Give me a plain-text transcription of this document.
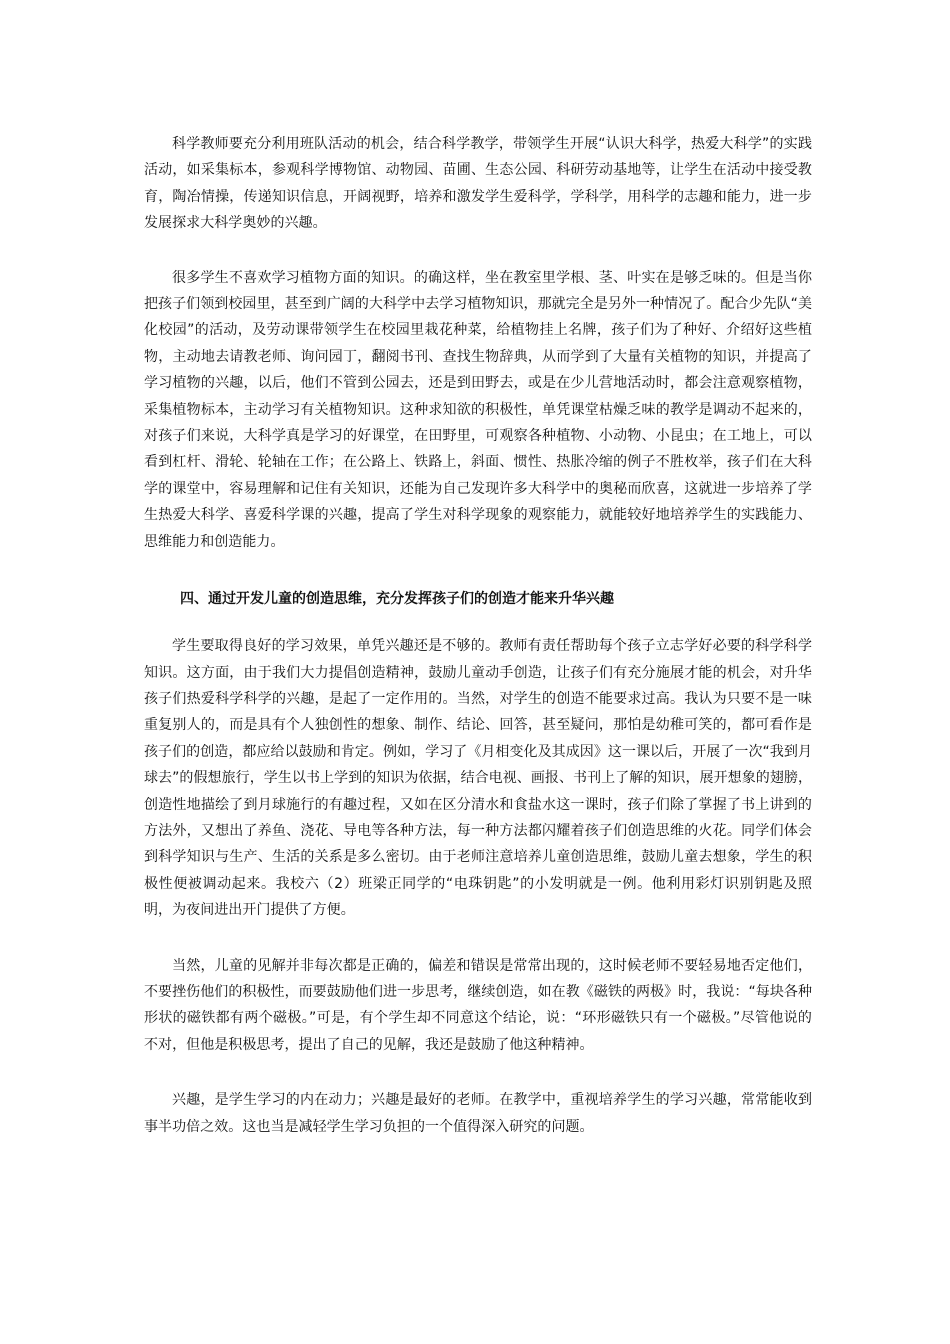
科学教师要充分利用班队活动的机会，结合科学教学，带领学生开展“认识大科学，热爱大科学”的实践活动，如采集标本，参观科学博物馆、动物园、苗圃、生态公园、科研劳动基地等，让学生在活动中接受教育，陶冶情操，传递知识信息，开阔视野，培养和激发学生爱科学，学科学，用科学的志趣和能力，进一步发展探求大科学奥妙的兴趣。

很多学生不喜欢学习植物方面的知识。的确这样，坐在教室里学根、茎、叶实在是够乏味的。但是当你把孩子们领到校园里，甚至到广阔的大科学中去学习植物知识，那就完全是另外一种情况了。配合少先队“美化校园”的活动，及劳动课带领学生在校园里栽花种菜，给植物挂上名牌，孩子们为了种好、介绍好这些植物，主动地去请教老师、询问园丁，翻阅书刊、查找生物辞典，从而学到了大量有关植物的知识，并提高了学习植物的兴趣，以后，他们不管到公园去，还是到田野去，或是在少儿营地活动时，都会注意观察植物，采集植物标本，主动学习有关植物知识。这种求知欲的积极性，单凭课堂枯燥乏味的教学是调动不起来的，对孩子们来说，大科学真是学习的好课堂，在田野里，可观察各种植物、小动物、小昆虫；在工地上，可以看到杠杆、滑轮、轮轴在工作；在公路上、铁路上，斜面、惯性、热胀冷缩的例子不胜枚举，孩子们在大科学的课堂中，容易理解和记住有关知识，还能为自己发现许多大科学中的奥秘而欣喜，这就进一步培养了学生热爱大科学、喜爱科学课的兴趣，提高了学生对科学现象的观察能力，就能较好地培养学生的实践能力、思维能力和创造能力。

四、通过开发儿童的创造思维，充分发挥孩子们的创造才能来升华兴趣

学生要取得良好的学习效果，单凭兴趣还是不够的。教师有责任帮助每个孩子立志学好必要的科学科学知识。这方面，由于我们大力提倡创造精神，鼓励儿童动手创造，让孩子们有充分施展才能的机会，对升华孩子们热爱科学科学的兴趣，是起了一定作用的。当然，对学生的创造不能要求过高。我认为只要不是一味重复别人的，而是具有个人独创性的想象、制作、结论、回答，甚至疑问，那怕是幼稚可笑的，都可看作是孩子们的创造，都应给以鼓励和肯定。例如，学习了《月相变化及其成因》这一课以后，开展了一次“我到月球去”的假想旅行，学生以书上学到的知识为依据，结合电视、画报、书刊上了解的知识，展开想象的翅膀，创造性地描绘了到月球施行的有趣过程，又如在区分清水和食盐水这一课时，孩子们除了掌握了书上讲到的方法外，又想出了养鱼、浇花、导电等各种方法，每一种方法都闪耀着孩子们创造思维的火花。同学们体会到科学知识与生产、生活的关系是多么密切。由于老师注意培养儿童创造思维，鼓励儿童去想象，学生的积极性便被调动起来。我校六（2）班梁正同学的“电珠钥匙”的小发明就是一例。他利用彩灯识别钥匙及照明，为夜间进出开门提供了方便。

当然，儿童的见解并非每次都是正确的，偏差和错误是常常出现的，这时候老师不要轻易地否定他们，不要挫伤他们的积极性，而要鼓励他们进一步思考，继续创造，如在教《磁铁的两极》时，我说：“每块各种形状的磁铁都有两个磁极。”可是，有个学生却不同意这个结论，说：“环形磁铁只有一个磁极。”尽管他说的不对，但他是积极思考，提出了自己的见解，我还是鼓励了他这种精神。

兴趣，是学生学习的内在动力；兴趣是最好的老师。在教学中，重视培养学生的学习兴趣，常常能收到事半功倍之效。这也当是减轻学生学习负担的一个值得深入研究的问题。
